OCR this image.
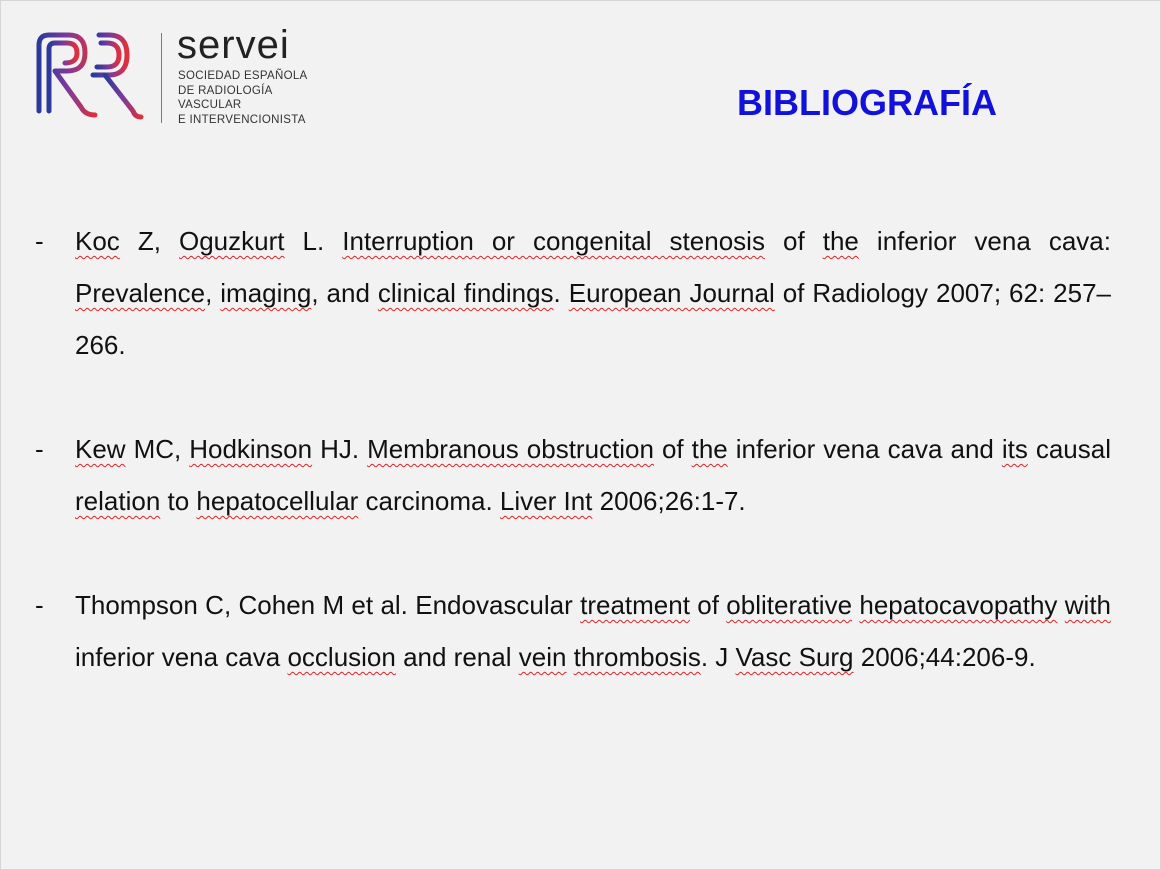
servei
SOCIEDAD ESPAÑOLA
DE RADIOLOGÍA
VASCULAR
E INTERVENCIONISTA	BIBLIOGRAFÍA
- Koc Z, Oguzkurt L. Interruption or congenital stenosis of the inferior vena cava: Prevalence, imaging, and clinical findings. European Journal of Radiology 2007; 62: 257–266.
- Kew MC, Hodkinson HJ. Membranous obstruction of the inferior vena cava and its causal relation to hepatocellular carcinoma. Liver Int 2006;26:1-7.
- Thompson C, Cohen M et al. Endovascular treatment of obliterative hepatocavopathy with inferior vena cava occlusion and renal vein thrombosis. J Vasc Surg 2006;44:206-9.
